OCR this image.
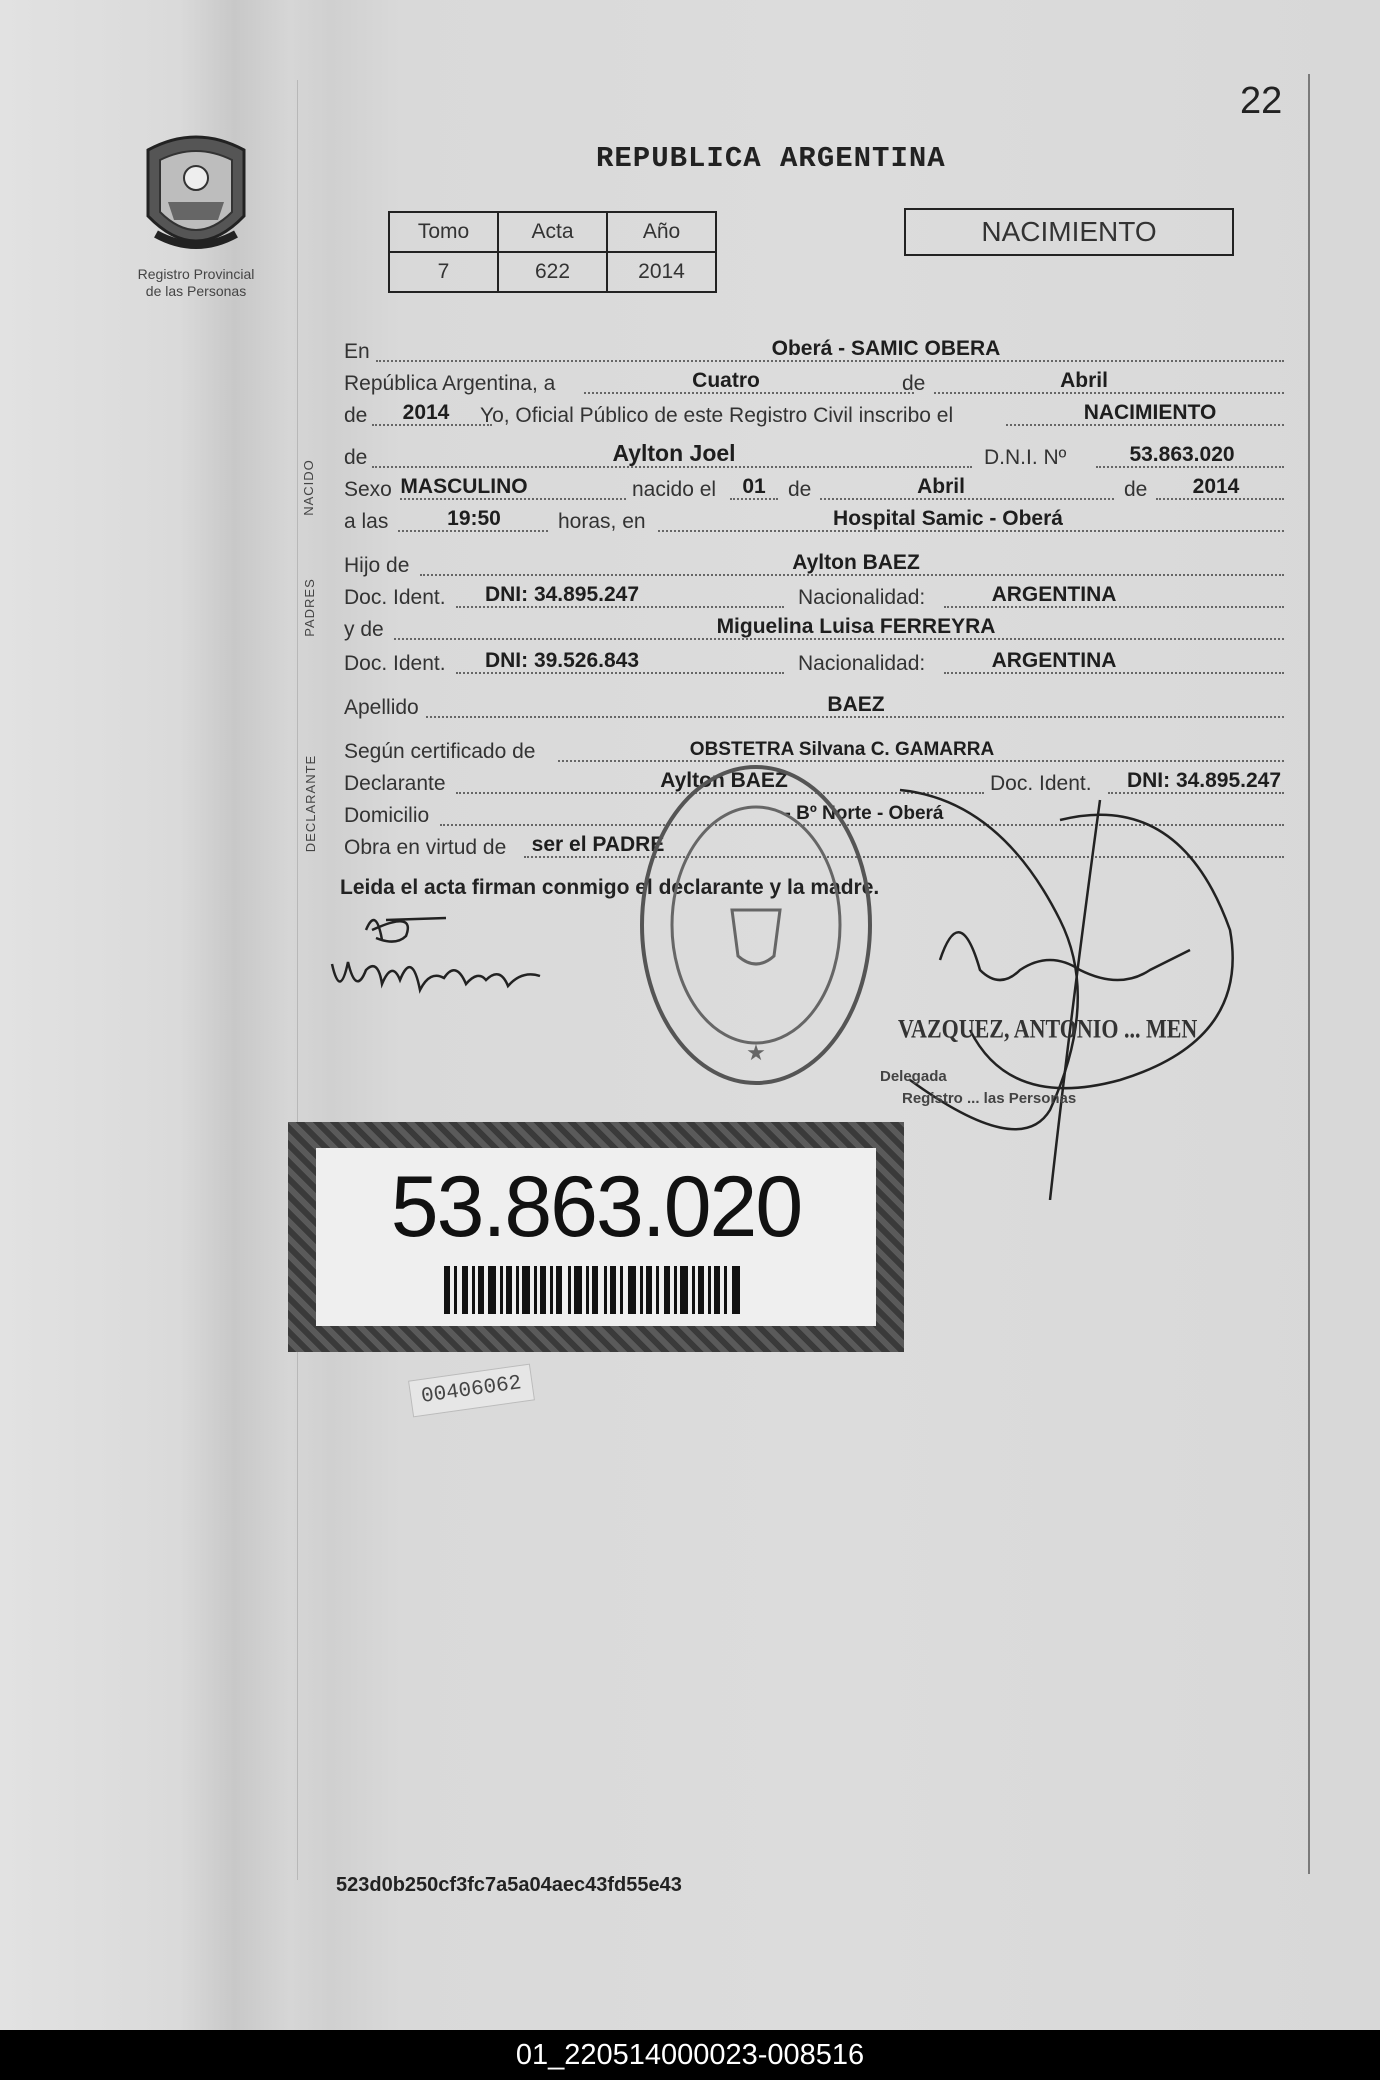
22
Registro Provincial
de las Personas
REPUBLICA ARGENTINA
Tomo	Acta	Año
7	622	2014
NACIMIENTO
NACIDO
PADRES
DECLARANTE
En	Oberá - SAMIC OBERA
República Argentina, a	Cuatro	de	Abril
de 2014 Yo, Oficial Público de este Registro Civil inscribo el	NACIMIENTO
de	Aylton Joel	D.N.I. Nº	53.863.020
Sexo MASCULINO	nacido el 01 de	Abril	de 2014
a las	19:50	horas, en	Hospital Samic - Oberá
Hijo de	Aylton BAEZ
Doc. Ident. DNI: 34.895.247	Nacionalidad:	ARGENTINA
y de	Miguelina Luisa FERREYRA
Doc. Ident. DNI: 39.526.843	Nacionalidad:	ARGENTINA
Apellido	BAEZ
Según certificado de	OBSTETRA Silvana C. GAMARRA
Declarante	Aylton BAEZ	Doc. Ident. DNI: 34.895.247
Domicilio	- Bº Norte - Oberá
Obra en virtud de ser el PADRE
Leida el acta firman conmigo el declarante y la madre.
★
VAZQUEZ, ANTONIO ... MEN
Delegada
Registro ... las Personas
53.863.020
00406062
523d0b250cf3fc7a5a04aec43fd55e43
01_220514000023-008516
